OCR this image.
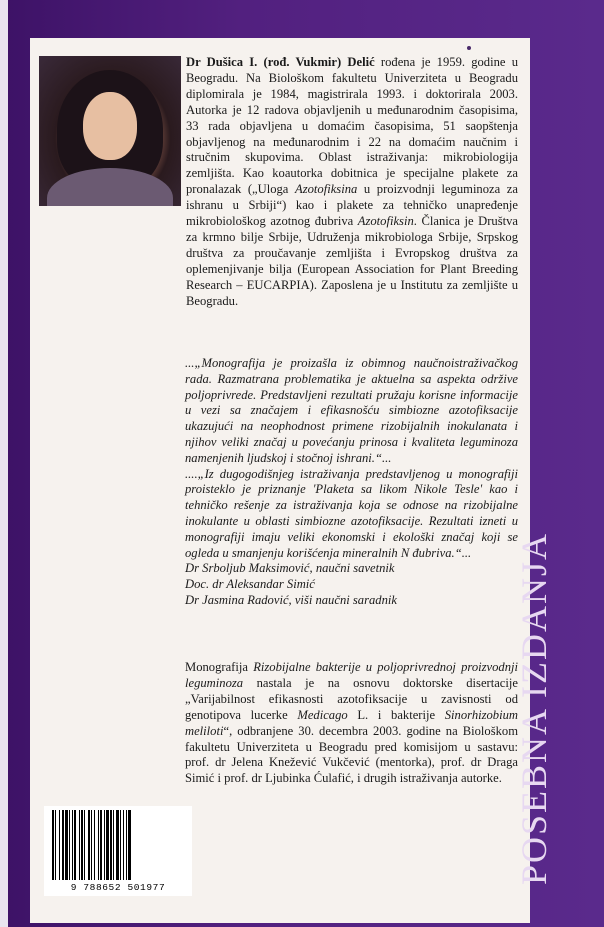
Dr Dušica I. (rođ. Vukmir) Delić rođena je 1959. godine u Beogradu. Na Biološkom fakultetu Univerziteta u Beogradu diplomirala je 1984, magistrirala 1993. i doktorirala 2003. Autorka je 12 radova objavljenih u međunarodnim časopisima, 33 rada objavljena u domaćim časopisima, 51 saopštenja objavljenog na međunarodnim i 22 na domaćim naučnim i stručnim skupovima. Oblast istraživanja: mikrobiologija zemljišta. Kao koautorka dobitnica je specijalne plakete za pronalazak („Uloga Azotofiksina u proizvodnji leguminoza za ishranu u Srbiji“) kao i plakete za tehničko unapređenje mikrobiološkog azotnog đubriva Azotofiksin. Članica je Društva za krmno bilje Srbije, Udruženja mikrobiologa Srbije, Srpskog društva za proučavanje zemljišta i Evropskog društva za oplemenjivanje bilja (European Association for Plant Breeding Research – EUCARPIA). Zaposlena je u Institutu za zemljište u Beogradu.
...„Monografija je proizašla iz obimnog naučnoistraživačkog rada. Razmatrana problematika je aktuelna sa aspekta održive poljoprivrede. Predstavljeni rezultati pružaju korisne informacije u vezi sa značajem i efikasnošću simbiozne azotofiksacije ukazujući na neophodnost primene rizobijalnih inokulanata i njihov veliki značaj u povećanju prinosa i kvaliteta leguminoza namenjenih ljudskoj i stočnoj ishrani.“...
....„Iz dugogodišnjeg istraživanja predstavljenog u monografiji proisteklo je priznanje 'Plaketa sa likom Nikole Tesle' kao i tehničko rešenje za istraživanja koja se odnose na rizobijalne inokulante u oblasti simbiozne azotofiksacije. Rezultati izneti u monografiji imaju veliki ekonomski i ekološki značaj koji se ogleda u smanjenju korišćenja mineralnih N đubriva.“...
Dr Srboljub Maksimović, naučni savetnik
Doc. dr Aleksandar Simić
Dr Jasmina Radović, viši naučni saradnik
Monografija Rizobijalne bakterije u poljoprivrednoj proizvodnji leguminoza nastala je na osnovu doktorske disertacije „Varijabilnost efikasnosti azotofiksacije u zavisnosti od genotipova lucerke Medicago L. i bakterije Sinorhizobium meliloti“, odbranjene 30. decembra 2003. godine na Biološkom fakultetu Univerziteta u Beogradu pred komisijom u sastavu: prof. dr Jelena Knežević Vukčević (mentorka), prof. dr Draga Simić i prof. dr Ljubinka Ćulafić, i drugih istraživanja autorke.
9 788652 501977
POSEBNA IZDANJA
